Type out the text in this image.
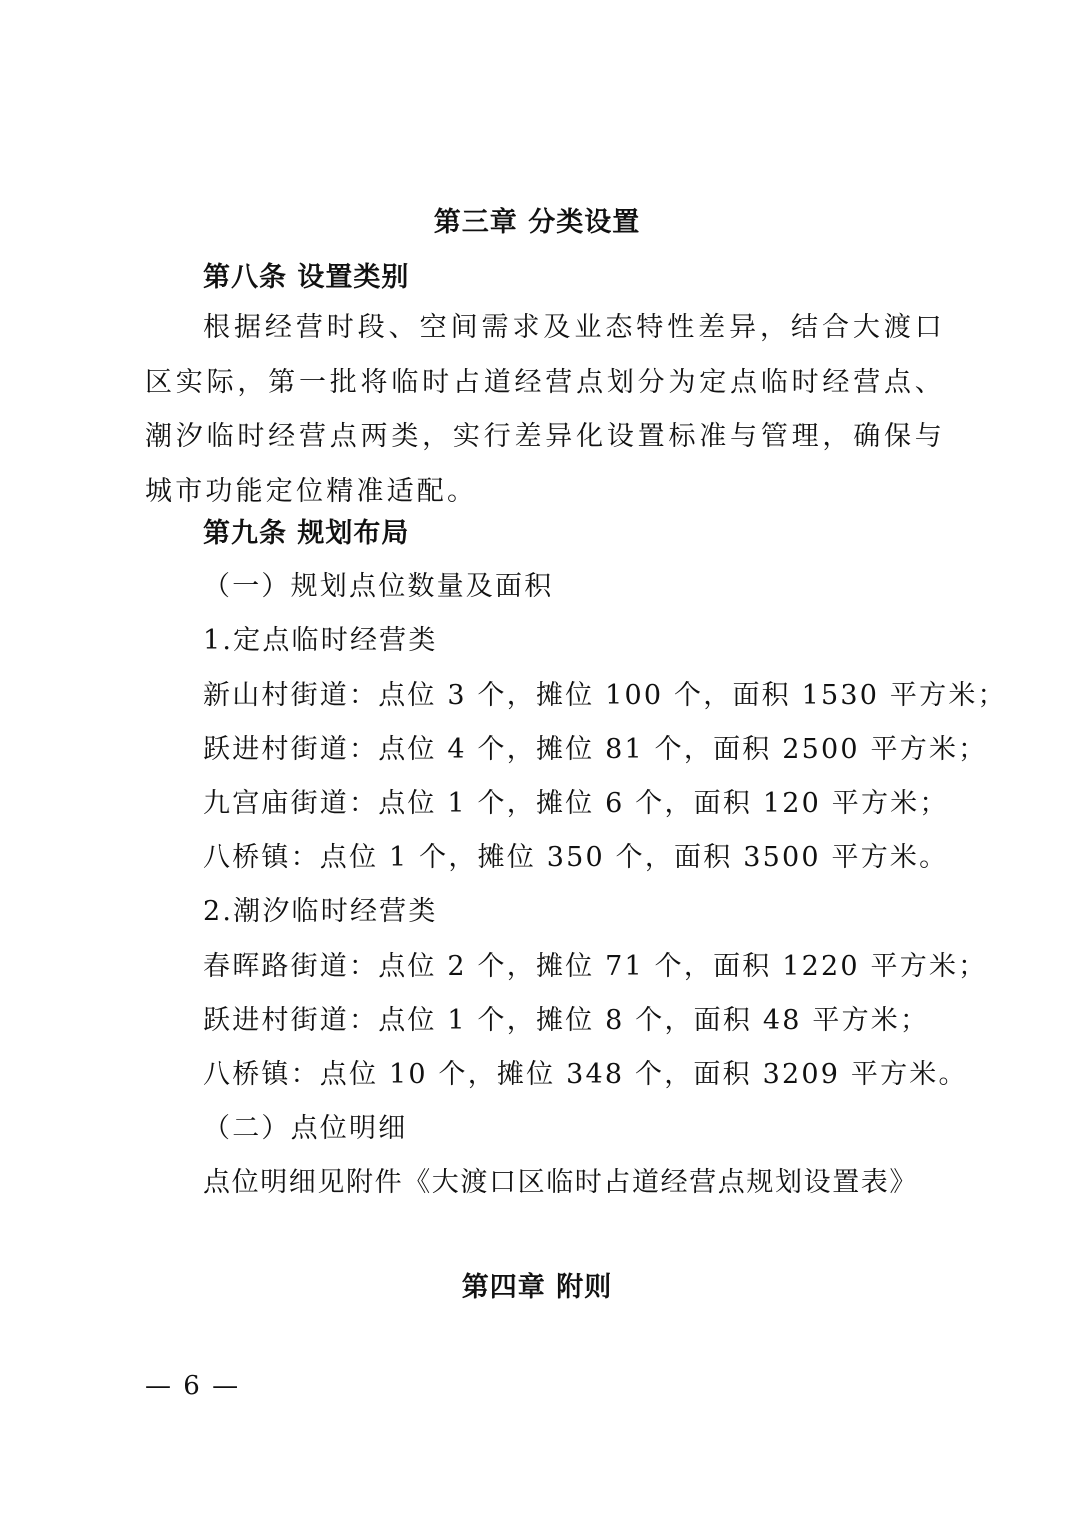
第三章 分类设置
第八条 设置类别
根据经营时段、空间需求及业态特性差异，结合大渡口区实际，第一批将临时占道经营点划分为定点临时经营点、潮汐临时经营点两类，实行差异化设置标准与管理，确保与城市功能定位精准适配。
第九条 规划布局
（一）规划点位数量及面积
1.定点临时经营类
新山村街道：点位 3 个，摊位 100 个，面积 1530 平方米；
跃进村街道：点位 4 个，摊位 81 个，面积 2500 平方米；
九宫庙街道：点位 1 个，摊位 6 个，面积 120 平方米；
八桥镇：点位 1 个，摊位 350 个，面积 3500 平方米。
2.潮汐临时经营类
春晖路街道：点位 2 个，摊位 71 个，面积 1220 平方米；
跃进村街道：点位 1 个，摊位 8 个，面积 48 平方米；
八桥镇：点位 10 个，摊位 348 个，面积 3209 平方米。
（二）点位明细
点位明细见附件《大渡口区临时占道经营点规划设置表》
第四章 附则
— 6 —
